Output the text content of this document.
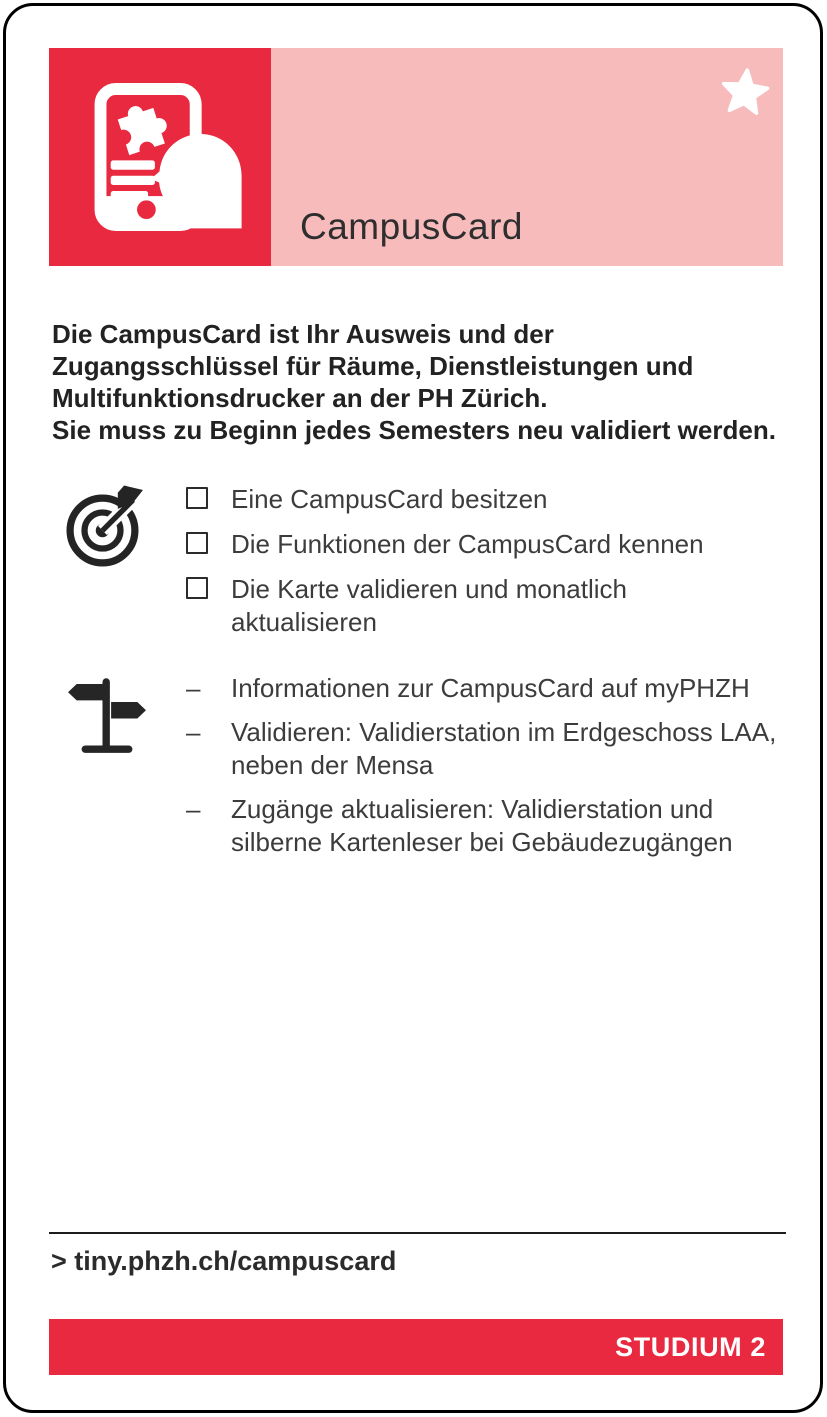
CampusCard

Die CampusCard ist Ihr Ausweis und der Zugangsschlüssel für Räume, Dienstleistungen und Multifunktionsdrucker an der PH Zürich.

Sie muss zu Beginn jedes Semesters neu validiert werden.

Eine CampusCard besitzen
Die Funktionen der CampusCard kennen
Die Karte validieren und monatlich aktualisieren
–	Informationen zur CampusCard auf myPHZH
–	Validieren: Validierstation im Erdgeschoss LAA, neben der Mensa
–	Zugänge aktualisieren: Validierstation und silberne Kartenleser bei Gebäudezugängen
> tiny.phzh.ch/campuscard
STUDIUM 2
